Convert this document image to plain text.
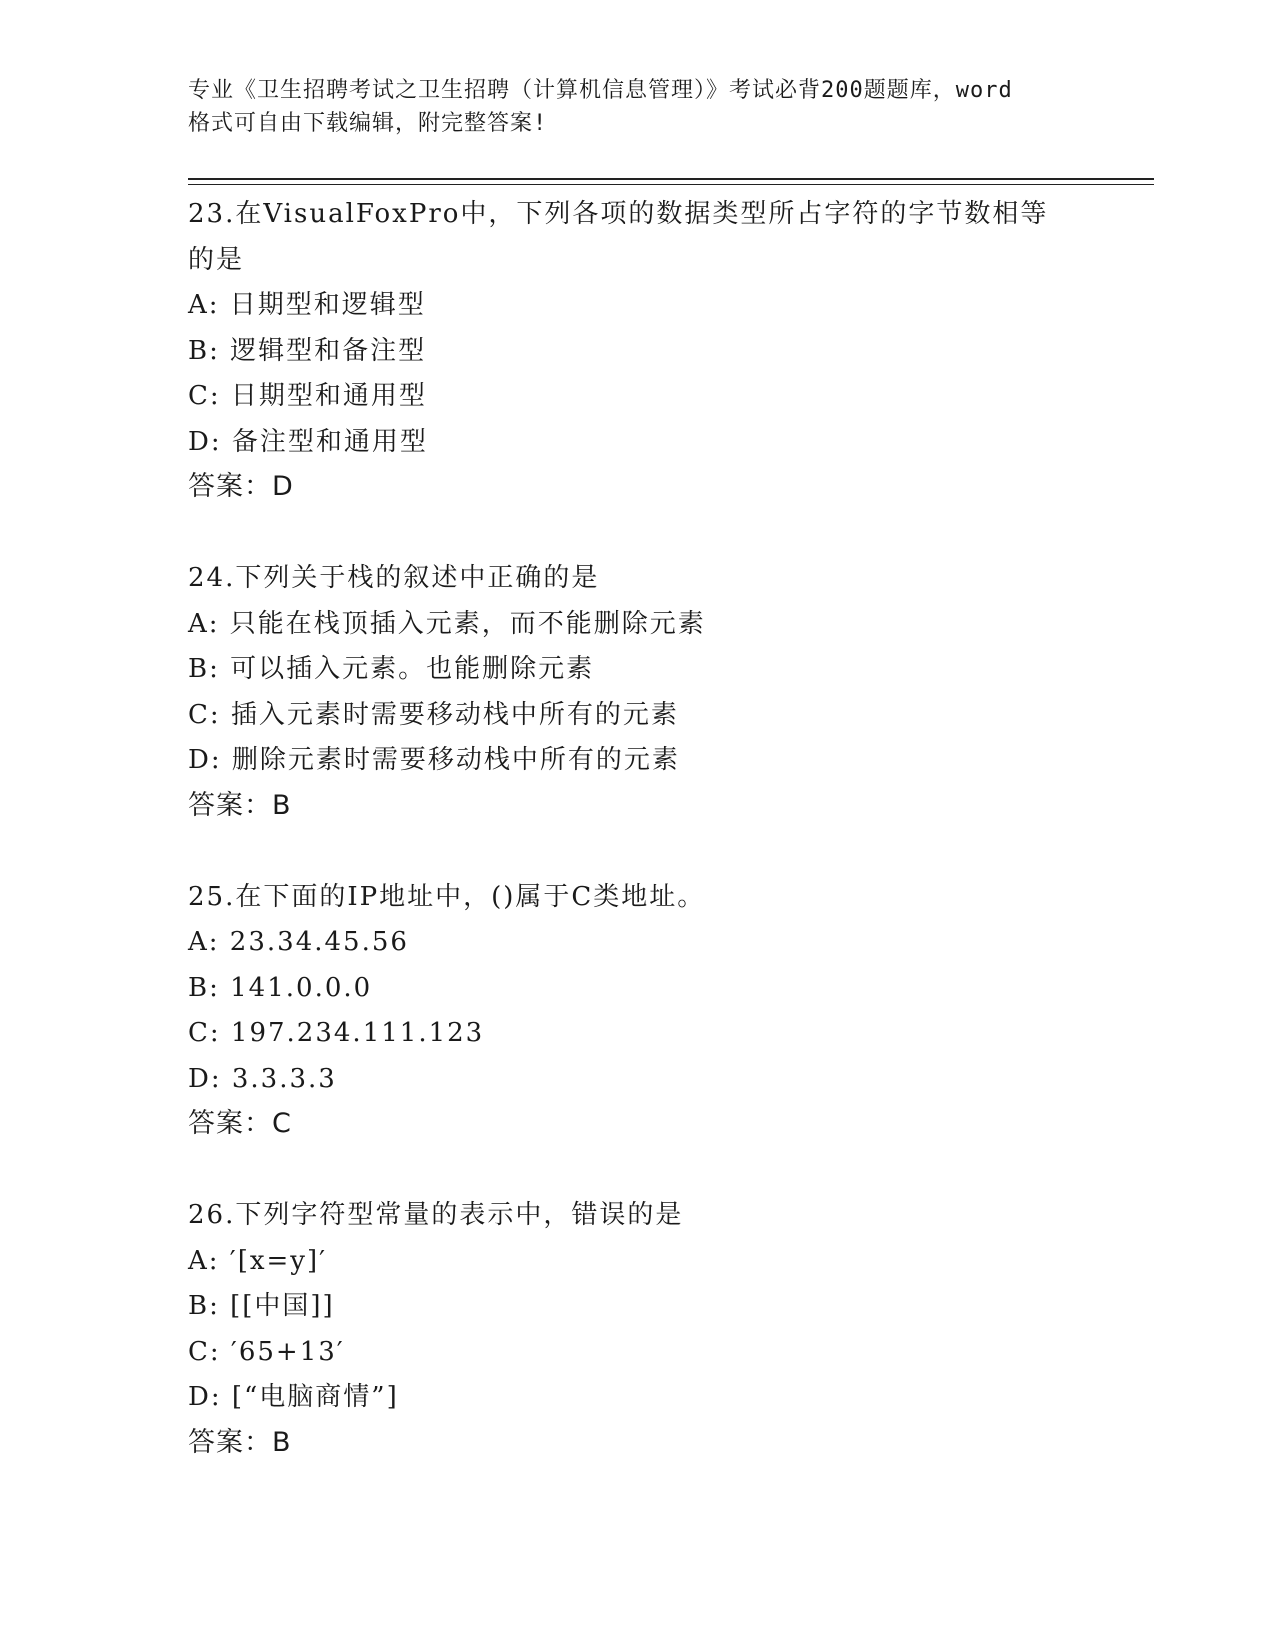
专业《卫生招聘考试之卫生招聘（计算机信息管理）》考试必背200题题库，word
格式可自由下载编辑，附完整答案!

23.在VisualFoxPro中，下列各项的数据类型所占字符的字节数相等

的是

A: 日期型和逻辑型

B: 逻辑型和备注型

C: 日期型和通用型

D: 备注型和通用型

答案：D

24.下列关于栈的叙述中正确的是

A: 只能在栈顶插入元素，而不能删除元素

B: 可以插入元素。也能删除元素

C: 插入元素时需要移动栈中所有的元素

D: 删除元素时需要移动栈中所有的元素

答案：B

25.在下面的IP地址中，()属于C类地址。

A: 23.34.45.56

B: 141.0.0.0

C: 197.234.111.123

D: 3.3.3.3

答案：C

26.下列字符型常量的表示中，错误的是

A: ′[x=y]′

B: [[中国]]

C: ′65+13′

D: [“电脑商情”]

答案：B
